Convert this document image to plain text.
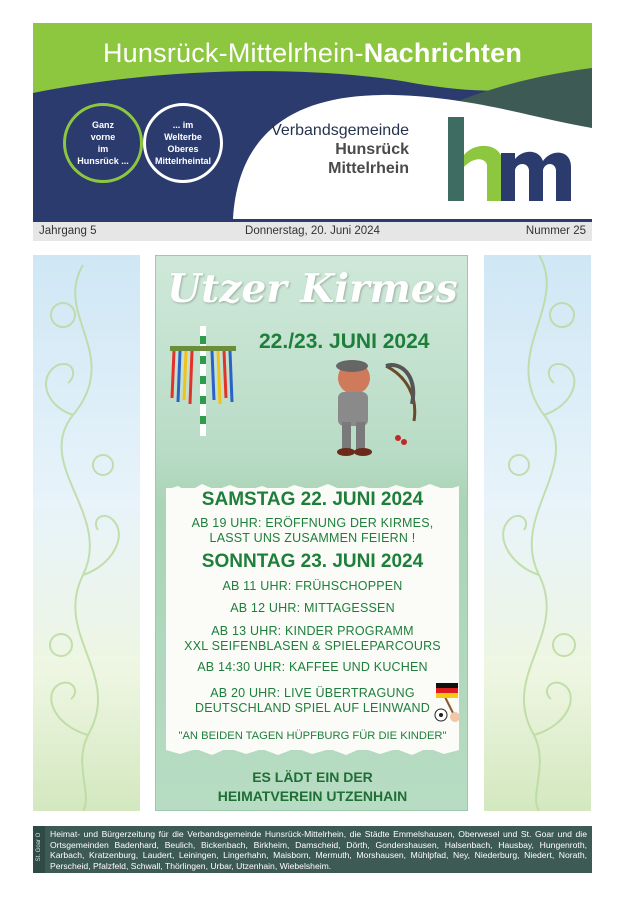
Hunsrück-Mittelrhein-Nachrichten
Ganz
vorne
im
Hunsrück ...
... im
Welterbe
Oberes
Mittelrheintal
Verbandsgemeinde
Hunsrück
Mittelrhein
Jahrgang 5	Donnerstag, 20. Juni 2024	Nummer 25
Utzer Kirmes
22./23. JUNI 2024
SAMSTAG 22. JUNI 2024
AB 19 UHR: ERÖFFNUNG DER KIRMES,
LASST UNS ZUSAMMEN FEIERN !
SONNTAG 23. JUNI 2024
AB 11 UHR: FRÜHSCHOPPEN
AB 12 UHR: MITTAGESSEN
AB 13 UHR: KINDER PROGRAMM
XXL SEIFENBLASEN & SPIELEPARCOURS
AB 14:30 UHR: KAFFEE UND KUCHEN
AB 20 UHR: LIVE ÜBERTRAGUNG
DEUTSCHLAND SPIEL AUF LEINWAND
"AN BEIDEN TAGEN HÜPFBURG FÜR DIE KINDER"
ES LÄDT EIN DER
HEIMATVEREIN UTZENHAIN
St. Goar O Heimat- und Bürgerzeitung für die Verbandsgemeinde Hunsrück-Mittelrhein, die Städte Emmelshausen, Oberwesel und St. Goar und die Ortsgemeinden Badenhard, Beulich, Bickenbach, Birkheim, Damscheid, Dörth, Gondershausen, Halsenbach, Hausbay, Hungenroth, Karbach, Kratzenburg, Laudert, Leiningen, Lingerhahn, Maisborn, Mermuth, Morshausen, Mühlpfad, Ney, Niederburg, Niedert, Norath, Perscheid, Pfalzfeld, Schwall, Thörlingen, Urbar, Utzenhain, Wiebelsheim.
